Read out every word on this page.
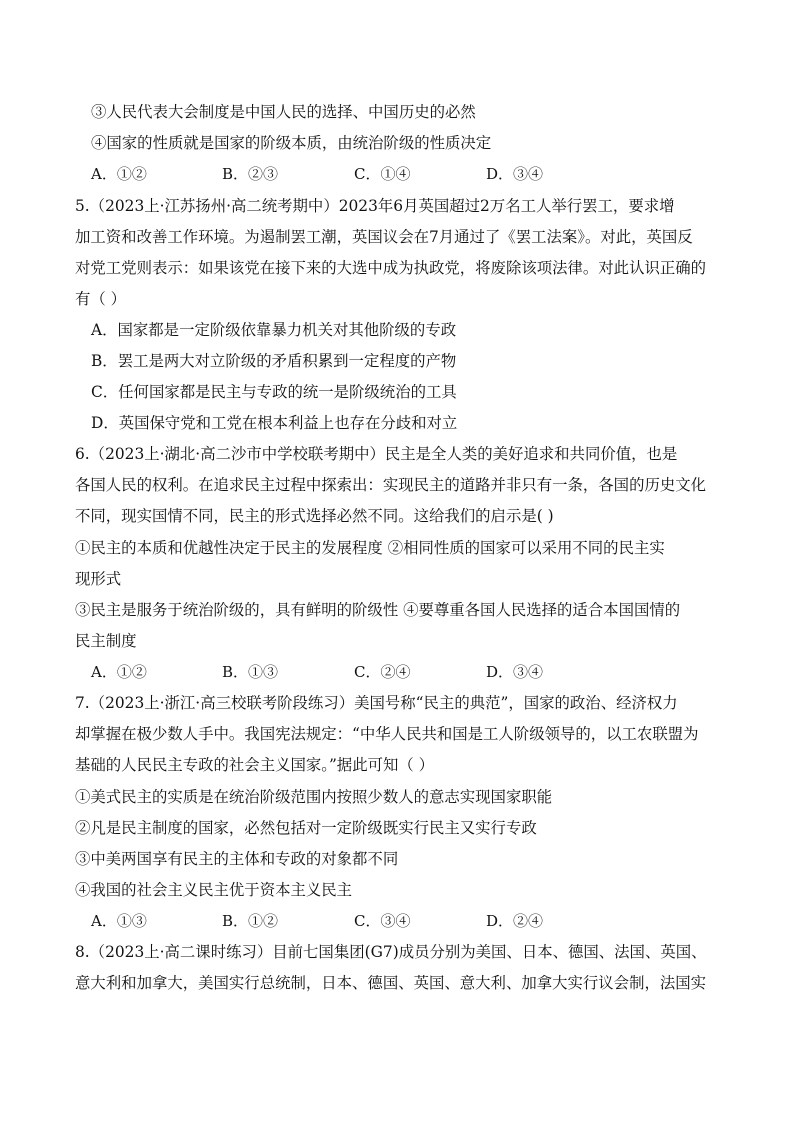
③人民代表大会制度是中国人民的选择、中国历史的必然
④国家的性质就是国家的阶级本质，由统治阶级的性质决定
A．①②	B．②③	C．①④	D．③④
5.（2023上·江苏扬州·高二统考期中）2023年6月英国超过2万名工人举行罢工，要求增
加工资和改善工作环境。为遏制罢工潮，英国议会在7月通过了《罢工法案》。对此，英国反
对党工党则表示：如果该党在接下来的大选中成为执政党，将废除该项法律。对此认识正确的
有（ ）
A．国家都是一定阶级依靠暴力机关对其他阶级的专政
B．罢工是两大对立阶级的矛盾积累到一定程度的产物
C．任何国家都是民主与专政的统一是阶级统治的工具
D．英国保守党和工党在根本利益上也存在分歧和对立
6.（2023上·湖北·高二沙市中学校联考期中）民主是全人类的美好追求和共同价值，也是
各国人民的权利。在追求民主过程中探索出：实现民主的道路并非只有一条，各国的历史文化
不同，现实国情不同，民主的形式选择必然不同。这给我们的启示是( )
①民主的本质和优越性决定于民主的发展程度 ②相同性质的国家可以采用不同的民主实
现形式
③民主是服务于统治阶级的，具有鲜明的阶级性 ④要尊重各国人民选择的适合本国国情的
民主制度
A．①②	B．①③	C．②④	D．③④
7.（2023上·浙江·高三校联考阶段练习）美国号称“民主的典范”，国家的政治、经济权力
却掌握在极少数人手中。我国宪法规定：“中华人民共和国是工人阶级领导的，以工农联盟为
基础的人民民主专政的社会主义国家。”据此可知（ ）
①美式民主的实质是在统治阶级范围内按照少数人的意志实现国家职能
②凡是民主制度的国家，必然包括对一定阶级既实行民主又实行专政
③中美两国享有民主的主体和专政的对象都不同
④我国的社会主义民主优于资本主义民主
A．①③	B．①②	C．③④	D．②④
8.（2023上·高二课时练习）目前七国集团(G7)成员分别为美国、日本、德国、法国、英国、
意大利和加拿大，美国实行总统制，日本、德国、英国、意大利、加拿大实行议会制，法国实
